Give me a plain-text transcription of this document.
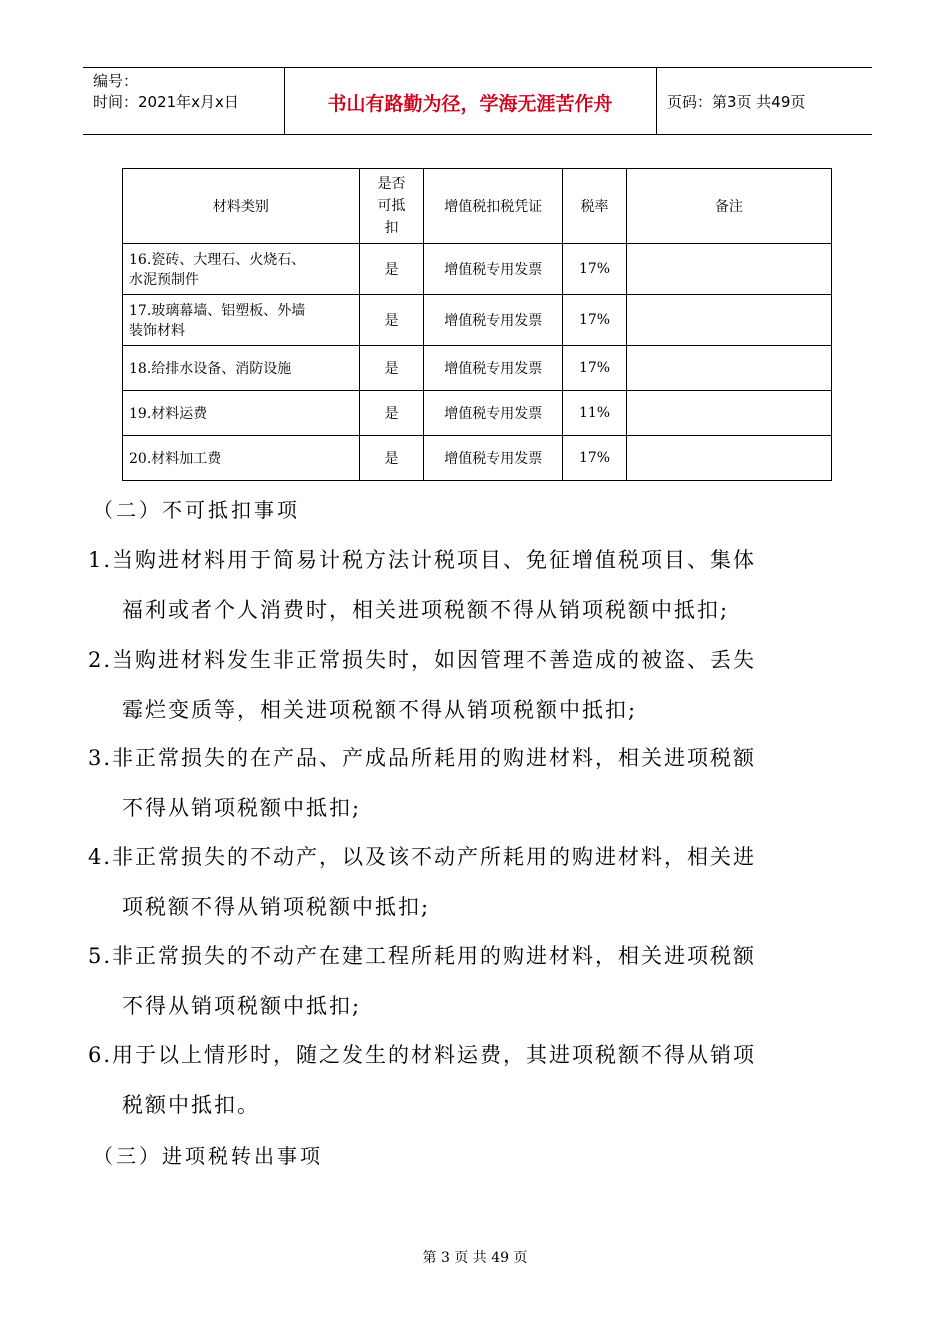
编号：
时间：2021年x月x日	书山有路勤为径，学海无涯苦作舟	页码：第3页 共49页
材料类别	是否可抵扣	增值税扣税凭证	税率	备注

16.瓷砖、大理石、火烧石、
水泥预制件	是	增值税专用发票	17%	

17.玻璃幕墙、铝塑板、外墙
装饰材料	是	增值税专用发票	17%	
18.给排水设备、消防设施	是	增值税专用发票	17%	
19.材料运费	是	增值税专用发票	11%	
20.材料加工费	是	增值税专用发票	17%	
（二）不可抵扣事项
1.当购进材料用于简易计税方法计税项目、免征增值税项目、集体
福利或者个人消费时，相关进项税额不得从销项税额中抵扣;
2.当购进材料发生非正常损失时，如因管理不善造成的被盗、丢失
霉烂变质等，相关进项税额不得从销项税额中抵扣;
3.非正常损失的在产品、产成品所耗用的购进材料，相关进项税额
不得从销项税额中抵扣;
4.非正常损失的不动产，以及该不动产所耗用的购进材料，相关进
项税额不得从销项税额中抵扣;
5.非正常损失的不动产在建工程所耗用的购进材料，相关进项税额
不得从销项税额中抵扣;
6.用于以上情形时，随之发生的材料运费，其进项税额不得从销项
税额中抵扣。
（三）进项税转出事项
第 3 页 共 49 页
